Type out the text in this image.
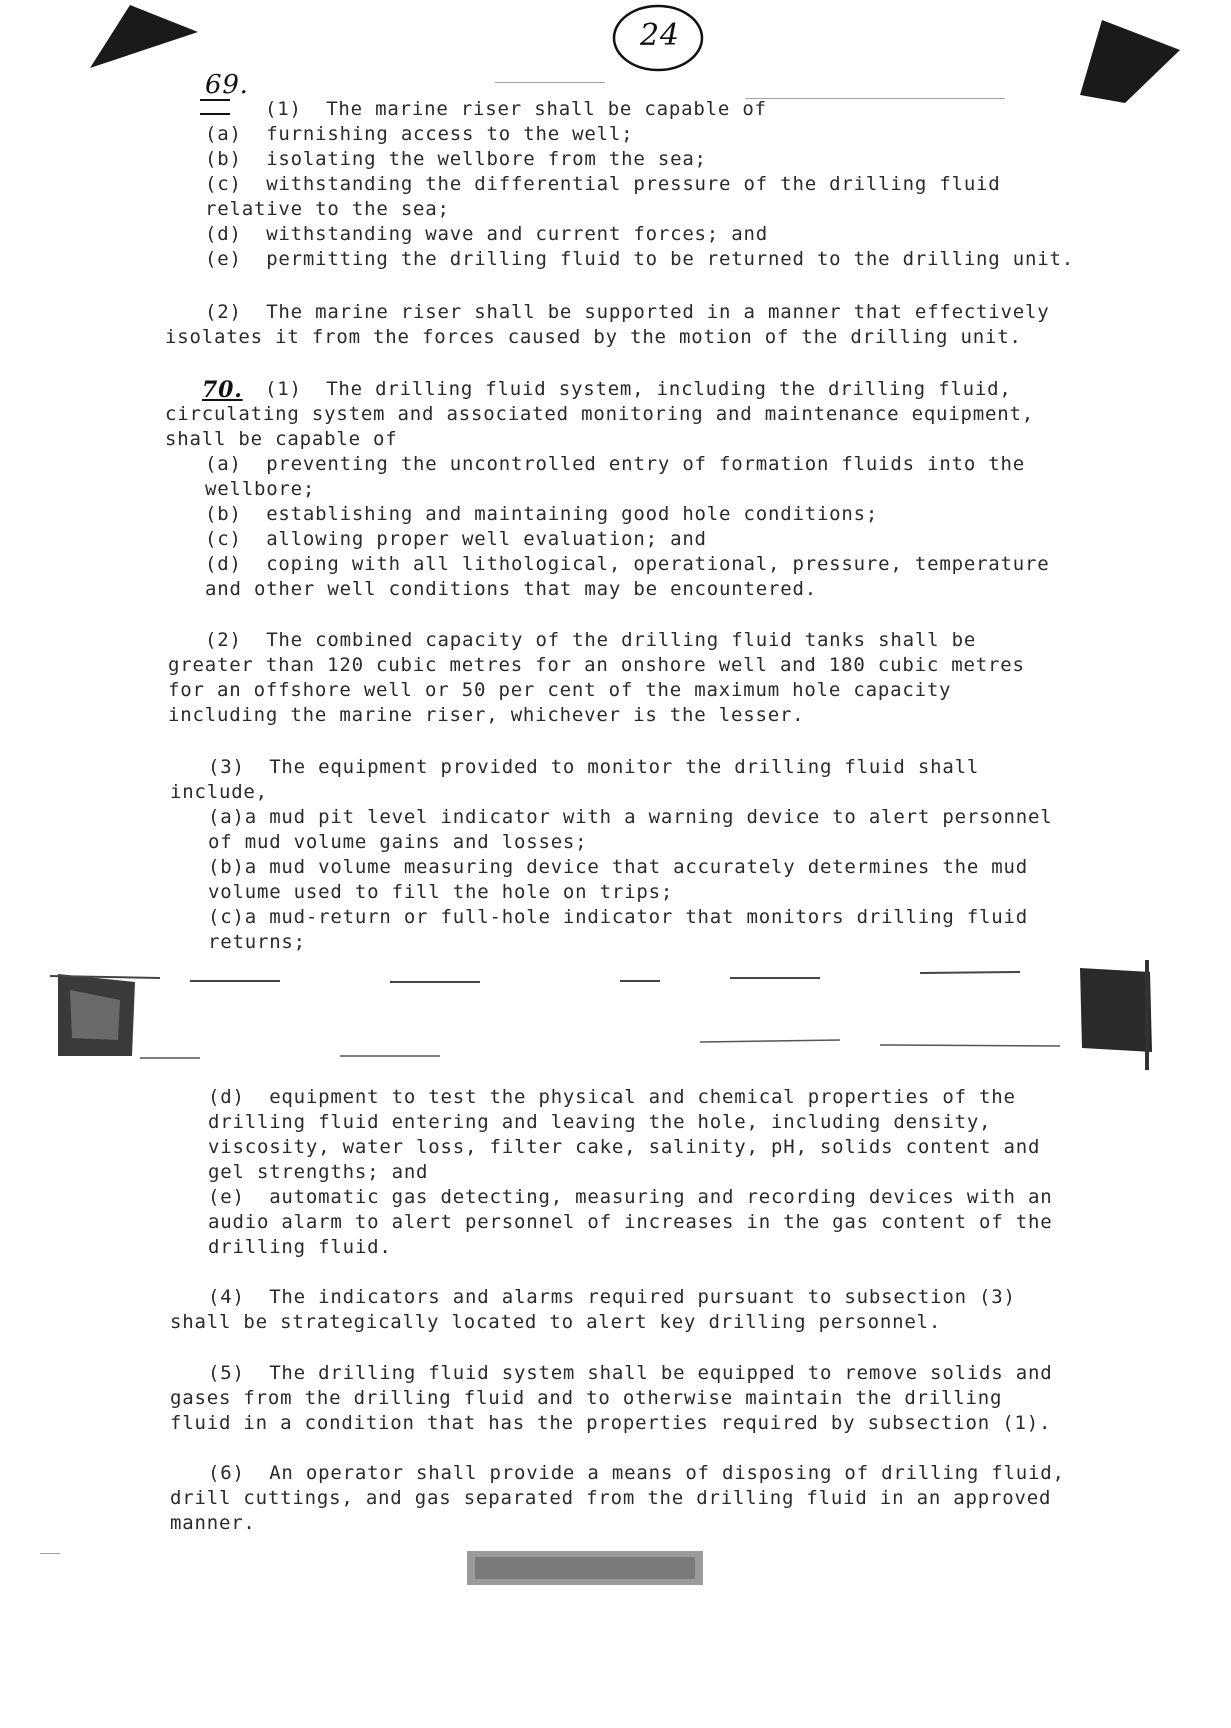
24
69.
(1)  The marine riser shall be capable of
(a)  furnishing access to the well;
(b)  isolating the wellbore from the sea;
(c)  withstanding the differential pressure of the drilling fluid
relative to the sea;
(d)  withstanding wave and current forces; and
(e)  permitting the drilling fluid to be returned to the drilling unit.
(2)  The marine riser shall be supported in a manner that effectively
isolates it from the forces caused by the motion of the drilling unit.
70. (1)  The drilling fluid system, including the drilling fluid,
circulating system and associated monitoring and maintenance equipment,
shall be capable of
(a)  preventing the uncontrolled entry of formation fluids into the
wellbore;
(b)  establishing and maintaining good hole conditions;
(c)  allowing proper well evaluation; and
(d)  coping with all lithological, operational, pressure, temperature
and other well conditions that may be encountered.
(2)  The combined capacity of the drilling fluid tanks shall be
greater than 120 cubic metres for an onshore well and 180 cubic metres
for an offshore well or 50 per cent of the maximum hole capacity
including the marine riser, whichever is the lesser.
(3)  The equipment provided to monitor the drilling fluid shall
include,
(a)a mud pit level indicator with a warning device to alert personnel
of mud volume gains and losses;
(b)a mud volume measuring device that accurately determines the mud
volume used to fill the hole on trips;
(c)a mud-return or full-hole indicator that monitors drilling fluid
returns;
(d)  equipment to test the physical and chemical properties of the
drilling fluid entering and leaving the hole, including density,
viscosity, water loss, filter cake, salinity, pH, solids content and
gel strengths; and
(e)  automatic gas detecting, measuring and recording devices with an
audio alarm to alert personnel of increases in the gas content of the
drilling fluid.
(4)  The indicators and alarms required pursuant to subsection (3)
shall be strategically located to alert key drilling personnel.
(5)  The drilling fluid system shall be equipped to remove solids and
gases from the drilling fluid and to otherwise maintain the drilling
fluid in a condition that has the properties required by subsection (1).
(6)  An operator shall provide a means of disposing of drilling fluid,
drill cuttings, and gas separated from the drilling fluid in an approved
manner.
